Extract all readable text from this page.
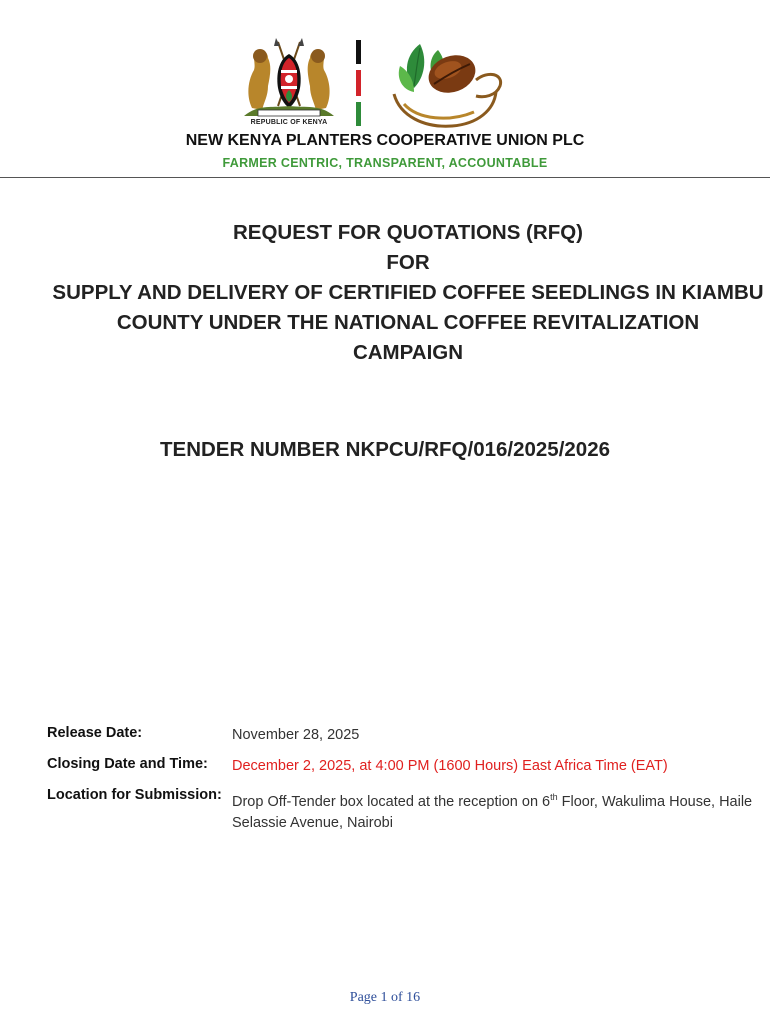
REPUBLIC OF KENYA
NEW KENYA PLANTERS COOPERATIVE UNION PLC
FARMER CENTRIC, TRANSPARENT, ACCOUNTABLE
REQUEST FOR QUOTATIONS (RFQ)
FOR
SUPPLY AND DELIVERY OF CERTIFIED COFFEE SEEDLINGS IN KIAMBU
COUNTY UNDER THE NATIONAL COFFEE REVITALIZATION
CAMPAIGN
TENDER NUMBER NKPCU/RFQ/016/2025/2026
Release Date:	November 28, 2025
Closing Date and Time: December 2, 2025, at 4:00 PM (1600 Hours) East Africa Time (EAT)
Location for Submission: Drop Off-Tender box located at the reception on 6th Floor, Wakulima House, Haile Selassie Avenue, Nairobi
Page 1 of 16
